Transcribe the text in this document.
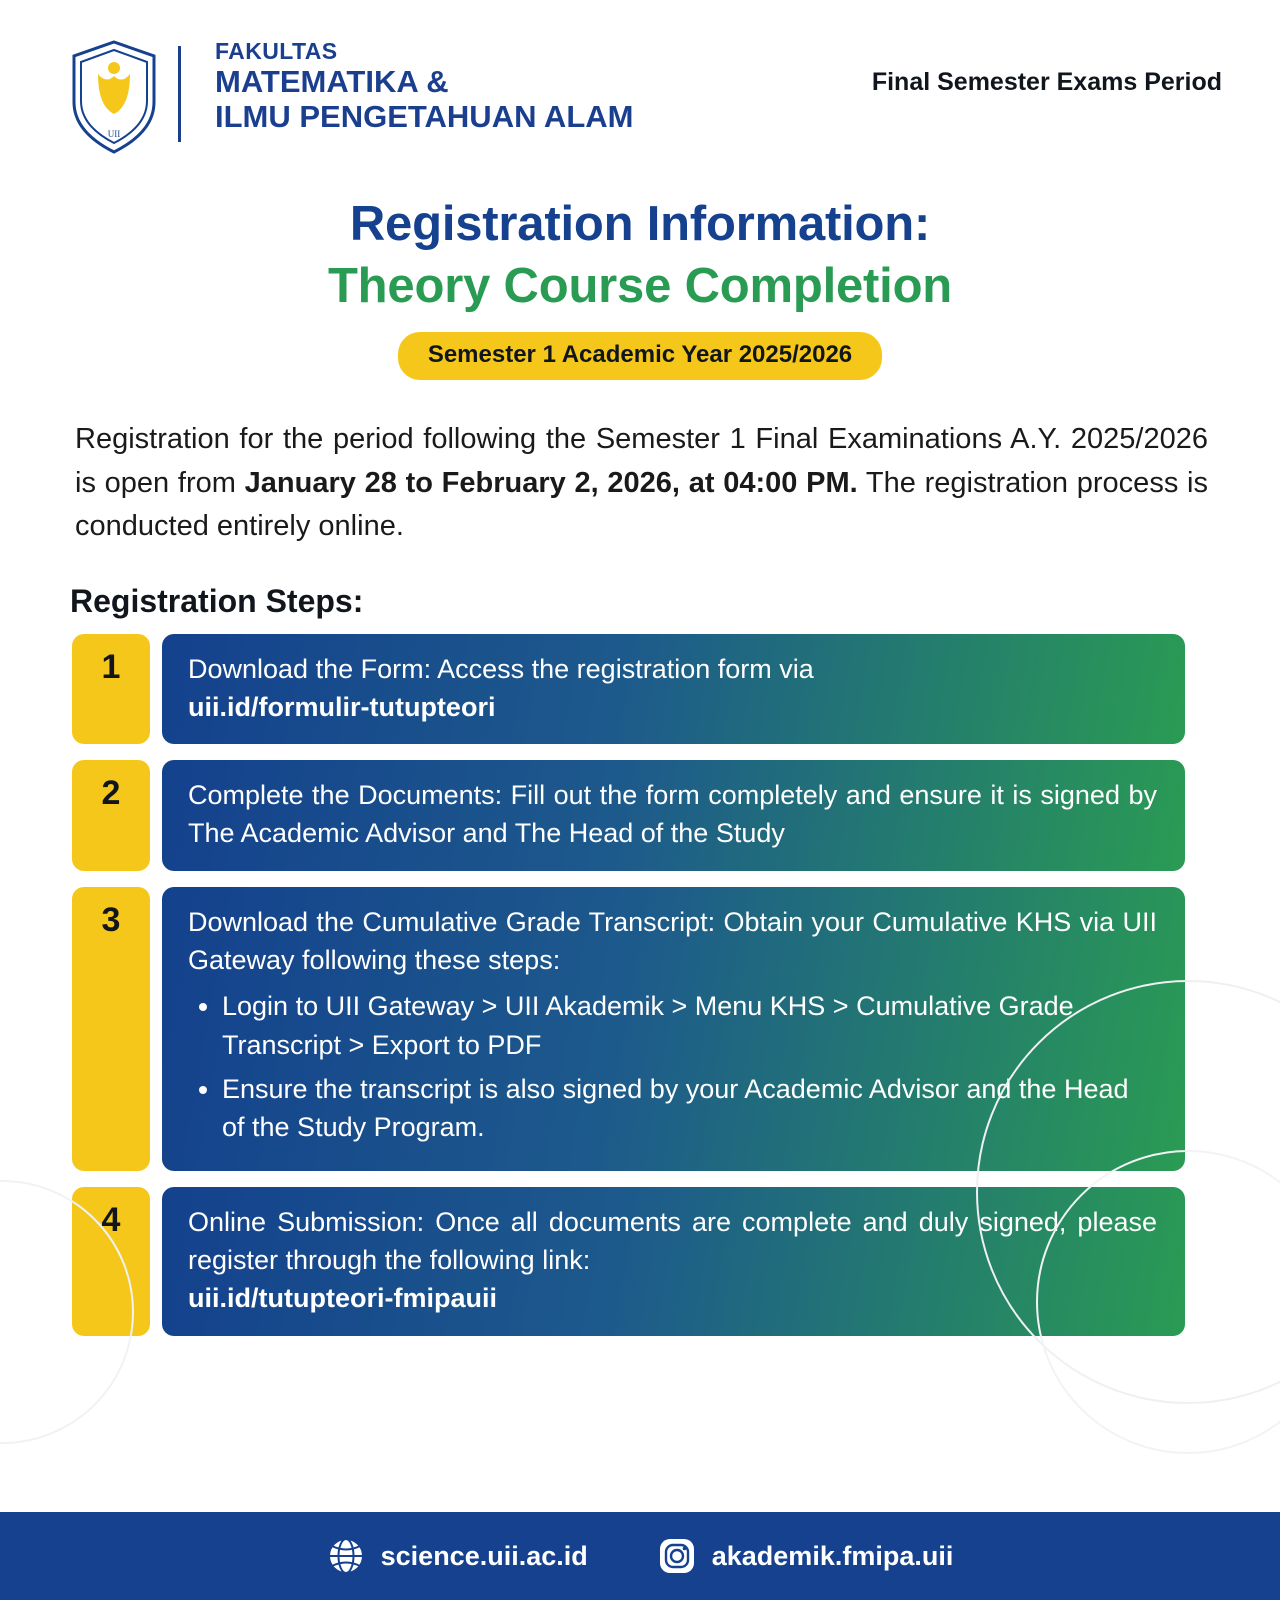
UII
FAKULTAS
MATEMATIKA &
ILMU PENGETAHUAN ALAM
Final Semester Exams Period
Registration Information:
Theory Course Completion
Semester 1 Academic Year 2025/2026
Registration for the period following the Semester 1 Final Examinations A.Y. 2025/2026 is open from January 28 to February 2, 2026, at 04:00 PM. The registration process is conducted entirely online.
Registration Steps:
1	Download the Form: Access the registration form via
uii.id/formulir-tutupteori
2	Complete the Documents: Fill out the form completely and ensure it is signed by The Academic Advisor and The Head of the Study
3	Download the Cumulative Grade Transcript: Obtain your Cumulative KHS via UII Gateway following these steps:
• Login to UII Gateway > UII Akademik > Menu KHS > Cumulative Grade Transcript > Export to PDF
• Ensure the transcript is also signed by your Academic Advisor and the Head of the Study Program.
4	Online Submission: Once all documents are complete and duly signed, please register through the following link:
uii.id/tutupteori-fmipauii
science.uii.ac.id	akademik.fmipa.uii
